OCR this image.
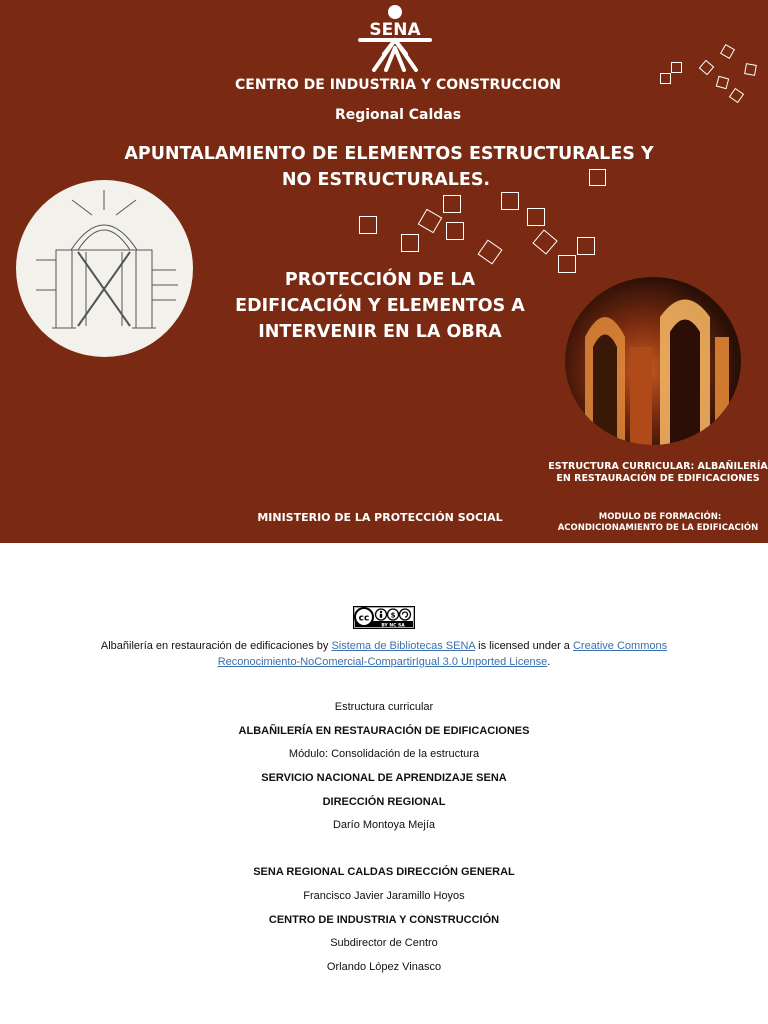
SENA
CENTRO DE INDUSTRIA Y CONSTRUCCION
Regional Caldas
APUNTALAMIENTO DE ELEMENTOS ESTRUCTURALES Y
NO ESTRUCTURALES.
PROTECCIÓN DE LA
EDIFICACIÓN Y ELEMENTOS A
INTERVENIR EN LA OBRA
ESTRUCTURA CURRICULAR: ALBAÑILERÍA
EN RESTAURACIÓN DE EDIFICACIONES
MINISTERIO DE LA PROTECCIÓN SOCIAL	MODULO DE FORMACIÓN:
ACONDICIONAMIENTO DE LA EDIFICACIÓN
cc	$
BY NC SA
Albañilería en restauración de edificaciones by Sistema de Bibliotecas SENA is licensed under a Creative Commons
Reconocimiento-NoComercial-CompartirIgual 3.0 Unported License.
Estructura curricular
ALBAÑILERÍA EN RESTAURACIÓN DE EDIFICACIONES
Módulo: Consolidación de la estructura
SERVICIO NACIONAL DE APRENDIZAJE SENA
DIRECCIÓN REGIONAL
Darío Montoya Mejía
SENA REGIONAL CALDAS DIRECCIÓN GENERAL
Francisco Javier Jaramillo Hoyos
CENTRO DE INDUSTRIA Y CONSTRUCCIÓN
Subdirector de Centro
Orlando López Vinasco
